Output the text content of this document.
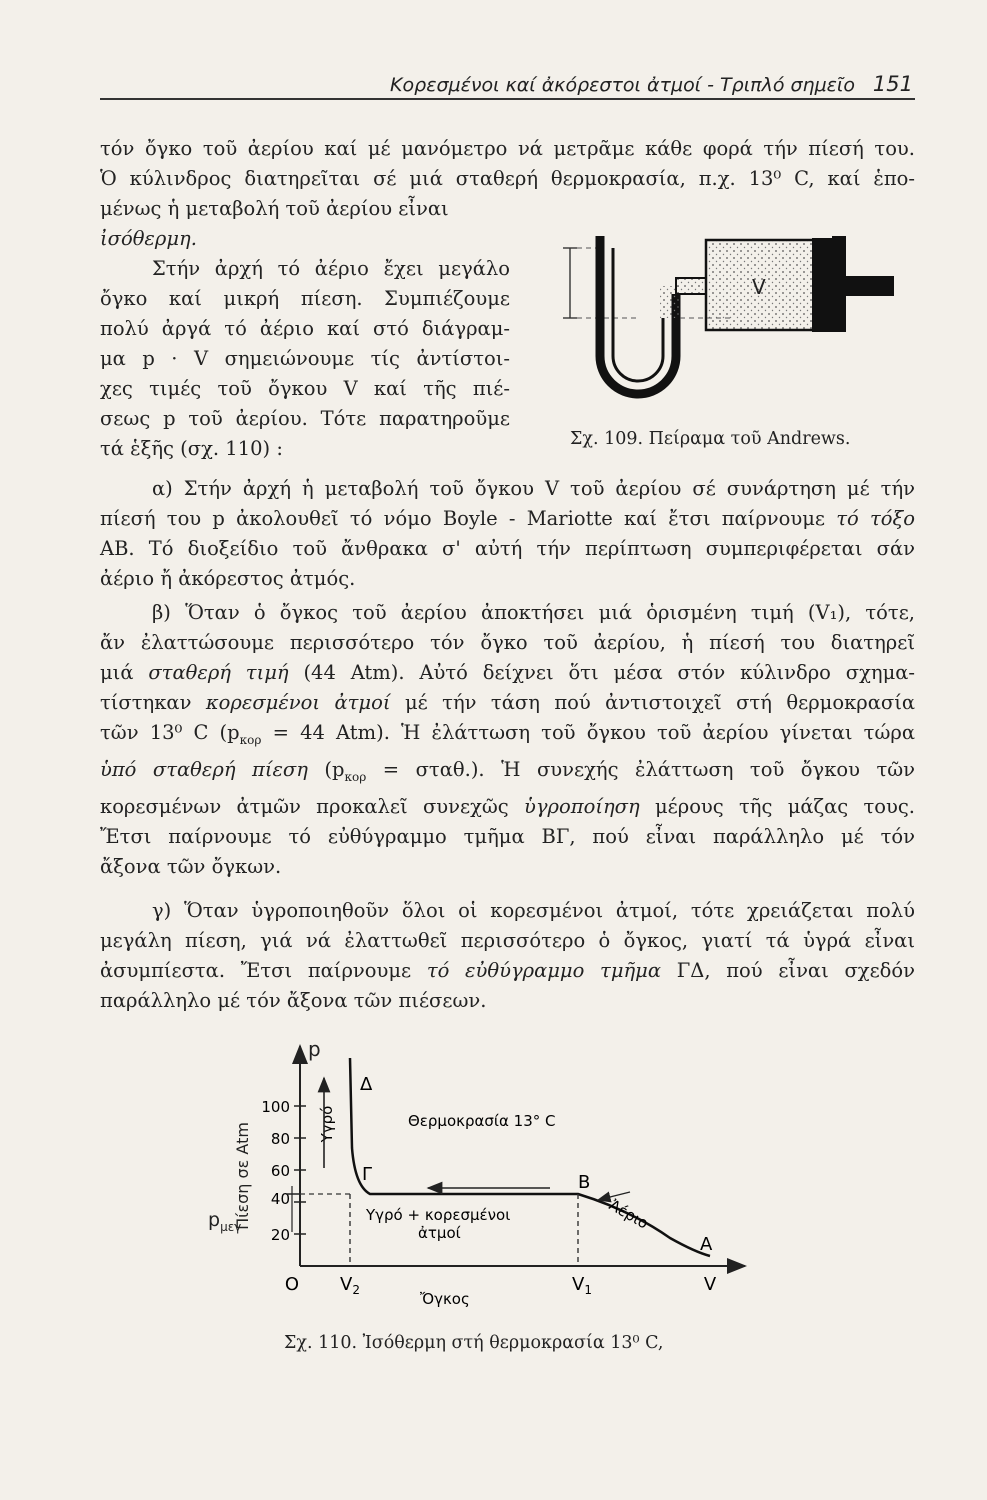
Κορεσμένοι καί ἀκόρεστοι ἀτμοί - Τριπλό σημεῖο 151

τόν ὄγκο τοῦ ἀερίου καί μέ μανόμετρο νά μετρᾶμε κάθε φορά τήν πίεσή του.

Ὁ κύλινδρος διατηρεῖται σέ μιά σταθερή θερμοκρασία, π.χ. 13⁰ C, καί ἑπο-

μένως ἡ μεταβολή τοῦ ἀερίου εἶναι

ἰσόθερμη.

Στήν ἀρχή τό ἀέριο ἔχει μεγάλο

ὄγκο καί μικρή πίεση. Συμπιέζουμε

πολύ ἀργά τό ἀέριο καί στό διάγραμ-

μα p · V σημειώνουμε τίς ἀντίστοι-

χες τιμές τοῦ ὄγκου V καί τῆς πιέ-

σεως p τοῦ ἀερίου. Τότε παρατηροῦμε

τά ἑξῆς (σχ. 110) :

V

Σχ. 109. Πείραμα τοῦ Andrews.

α) Στήν ἀρχή ἡ μεταβολή τοῦ ὄγκου V τοῦ ἀερίου σέ συνάρτηση μέ τήν

πίεσή του p ἀκολουθεῖ τό νόμο Boyle - Mariotte καί ἔτσι παίρνουμε τό τόξο

ΑΒ. Τό διοξείδιο τοῦ ἄνθρακα σ' αὐτή τήν περίπτωση συμπεριφέρεται σάν

ἀέριο ἤ ἀκόρεστος ἀτμός.

β) Ὅταν ὁ ὄγκος τοῦ ἀερίου ἀποκτήσει μιά ὁρισμένη τιμή (V₁), τότε,

ἄν ἐλαττώσουμε περισσότερο τόν ὄγκο τοῦ ἀερίου, ἡ πίεσή του διατηρεῖ

μιά σταθερή τιμή (44 Atm). Αὐτό δείχνει ὅτι μέσα στόν κύλινδρο σχημα-

τίστηκαν κορεσμένοι ἀτμοί μέ τήν τάση πού ἀντιστοιχεῖ στή θερμοκρασία

τῶν 13⁰ C ($p_{\kappa o\rho} = 44$ Atm). Ἡ ἐλάττωση τοῦ ὄγκου τοῦ ἀερίου γίνεται τώρα

ὑπό σταθερή πίεση $(p_{\kappa o\rho} = \sigma\tau\alpha\theta.)$. Ἡ συνεχής ἐλάττωση τοῦ ὄγκου τῶν

κορεσμένων ἀτμῶν προκαλεῖ συνεχῶς ὑγροποίηση μέρους τῆς μάζας τους.

Ἔτσι παίρνουμε τό εὐθύγραμμο τμῆμα ΒΓ, πού εἶναι παράλληλο μέ τόν

ἄξονα τῶν ὄγκων.

γ) Ὅταν ὑγροποιηθοῦν ὅλοι οἱ κορεσμένοι ἀτμοί, τότε χρειάζεται πολύ

μεγάλη πίεση, γιά νά ἐλαττωθεῖ περισσότερο ὁ ὄγκος, γιατί τά ὑγρά εἶναι

ἀσυμπίεστα. Ἔτσι παίρνουμε τό εὐθύγραμμο τμῆμα ΓΔ, πού εἶναι σχεδόν

παράλληλο μέ τόν ἄξονα τῶν πιέσεων.

p
Πίεση σε Atm
100
80
60
40
20
$p_{\mu\varepsilon\gamma}$
O
Δ
Γ	Β
Α
Θερμοκρασία 13° C
Υγρό
Υγρό + κορεσμένοι
ἀτμοί
Ἀέριο
$V_2$	$V_1$	V
Ὄγκος

Σχ. 110. Ἰσόθερμη στή θερμοκρασία 13⁰ C,
